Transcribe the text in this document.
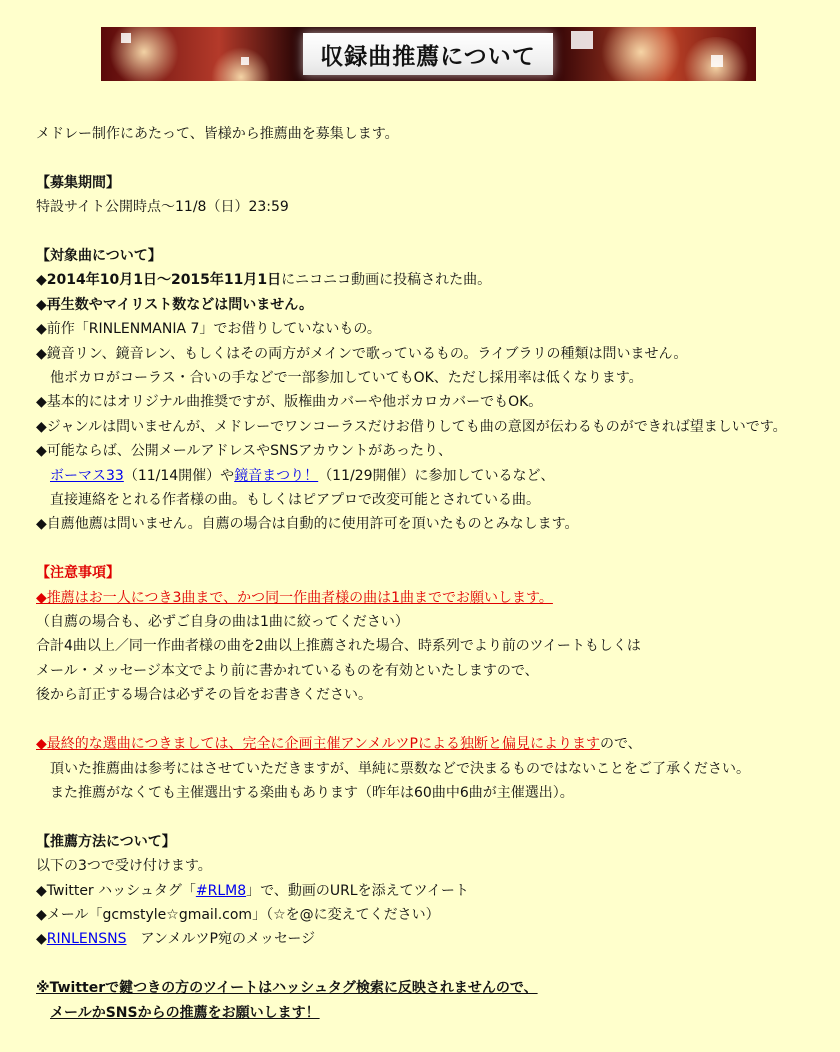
収録曲推薦について

メドレー制作にあたって、皆様から推薦曲を募集します。

【募集期間】

特設サイト公開時点～11/8（日）23:59

【対象曲について】

◆2014年10月1日～2015年11月1日にニコニコ動画に投稿された曲。

◆再生数やマイリスト数などは問いません。

◆前作「RINLENMANIA 7」でお借りしていないもの。

◆鏡音リン、鏡音レン、もしくはその両方がメインで歌っているもの。ライブラリの種類は問いません。

他ボカロがコーラス・合いの手などで一部参加していてもOK、ただし採用率は低くなります。

◆基本的にはオリジナル曲推奨ですが、版権曲カバーや他ボカロカバーでもOK。

◆ジャンルは問いませんが、メドレーでワンコーラスだけお借りしても曲の意図が伝わるものができれば望ましいです。

◆可能ならば、公開メールアドレスやSNSアカウントがあったり、

ボーマス33（11/14開催）や鏡音まつり！（11/29開催）に参加しているなど、

直接連絡をとれる作者様の曲。もしくはピアプロで改変可能とされている曲。

◆自薦他薦は問いません。自薦の場合は自動的に使用許可を頂いたものとみなします。

【注意事項】

◆推薦はお一人につき3曲まで、かつ同一作曲者様の曲は1曲まででお願いします。

（自薦の場合も、必ずご自身の曲は1曲に絞ってください）

合計4曲以上／同一作曲者様の曲を2曲以上推薦された場合、時系列でより前のツイートもしくは

メール・メッセージ本文でより前に書かれているものを有効といたしますので、

後から訂正する場合は必ずその旨をお書きください。

◆最終的な選曲につきましては、完全に企画主催アンメルツPによる独断と偏見によりますので、

頂いた推薦曲は参考にはさせていただきますが、単純に票数などで決まるものではないことをご了承ください。

また推薦がなくても主催選出する楽曲もあります（昨年は60曲中6曲が主催選出）。

【推薦方法について】

以下の3つで受け付けます。

◆Twitter ハッシュタグ「#RLM8」で、動画のURLを添えてツイート

◆メール「gcmstyle☆gmail.com」（☆を@に変えてください）

◆RINLENSNS　アンメルツP宛のメッセージ

※Twitterで鍵つきの方のツイートはハッシュタグ検索に反映されませんので、

メールかSNSからの推薦をお願いします！
